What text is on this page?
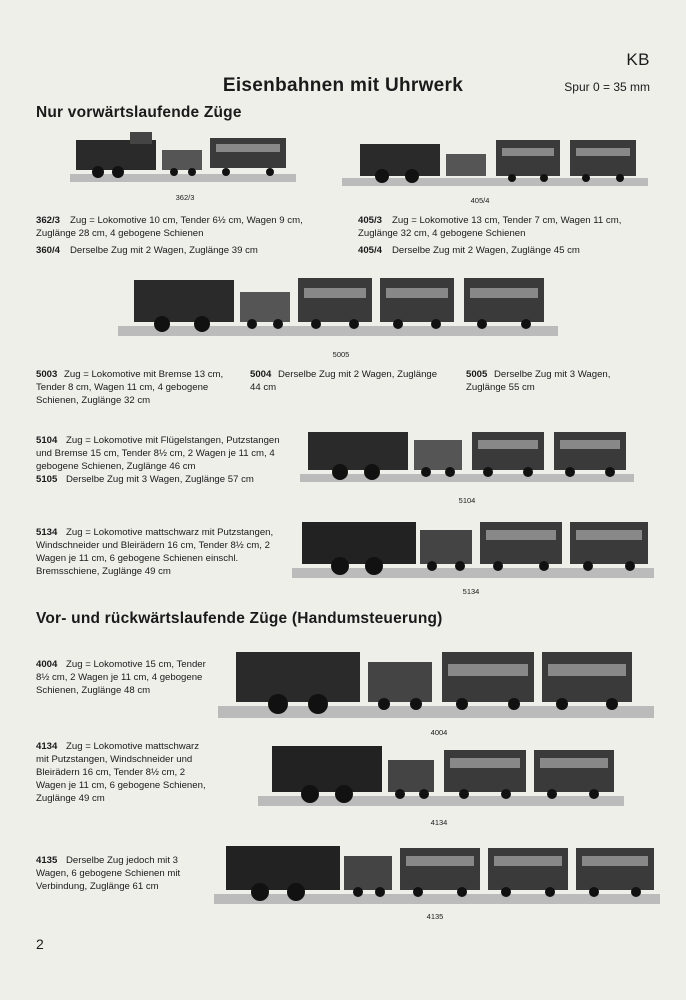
KB
Eisenbahnen mit Uhrwerk	Spur 0 = 35 mm
Nur vorwärtslaufende Züge
362/3	405/4
362/3 Zug = Lokomotive 10 cm, Tender 6½ cm, Wagen 9 cm, Zuglänge 28 cm, 4 gebogene Schienen
360/4 Derselbe Zug mit 2 Wagen, Zuglänge 39 cm
405/3 Zug = Lokomotive 13 cm, Tender 7 cm, Wagen 11 cm, Zuglänge 32 cm, 4 gebogene Schienen
405/4 Derselbe Zug mit 2 Wagen, Zuglänge 45 cm
5005
5003 Zug = Lokomotive mit Bremse 13 cm, Tender 8 cm, Wagen 11 cm, 4 gebogene Schienen, Zuglänge 32 cm
5004 Derselbe Zug mit 2 Wagen, Zuglänge 44 cm
5005 Derselbe Zug mit 3 Wagen, Zuglänge 55 cm
5104 Zug = Lokomotive mit Flügelstangen, Putzstangen und Bremse 15 cm, Tender 8½ cm, 2 Wagen je 11 cm, 4 gebogene Schienen, Zuglänge 46 cm
5105 Derselbe Zug mit 3 Wagen, Zuglänge 57 cm
5104
5134 Zug = Lokomotive mattschwarz mit Putzstangen, Windschneider und Bleirädern 16 cm, Tender 8½ cm, 2 Wagen je 11 cm, 6 gebogene Schienen einschl. Bremsschiene, Zuglänge 49 cm
5134
Vor- und rückwärtslaufende Züge (Handumsteuerung)
4004 Zug = Lokomotive 15 cm, Tender 8½ cm, 2 Wagen je 11 cm, 4 gebogene Schienen, Zuglänge 48 cm
4004
4134 Zug = Lokomotive mattschwarz mit Putzstangen, Windschneider und Bleirädern 16 cm, Tender 8½ cm, 2 Wagen je 11 cm, 6 gebogene Schienen, Zuglänge 49 cm
4134
4135 Derselbe Zug jedoch mit 3 Wagen, 6 gebogene Schienen mit Verbindung, Zuglänge 61 cm
4135
2
